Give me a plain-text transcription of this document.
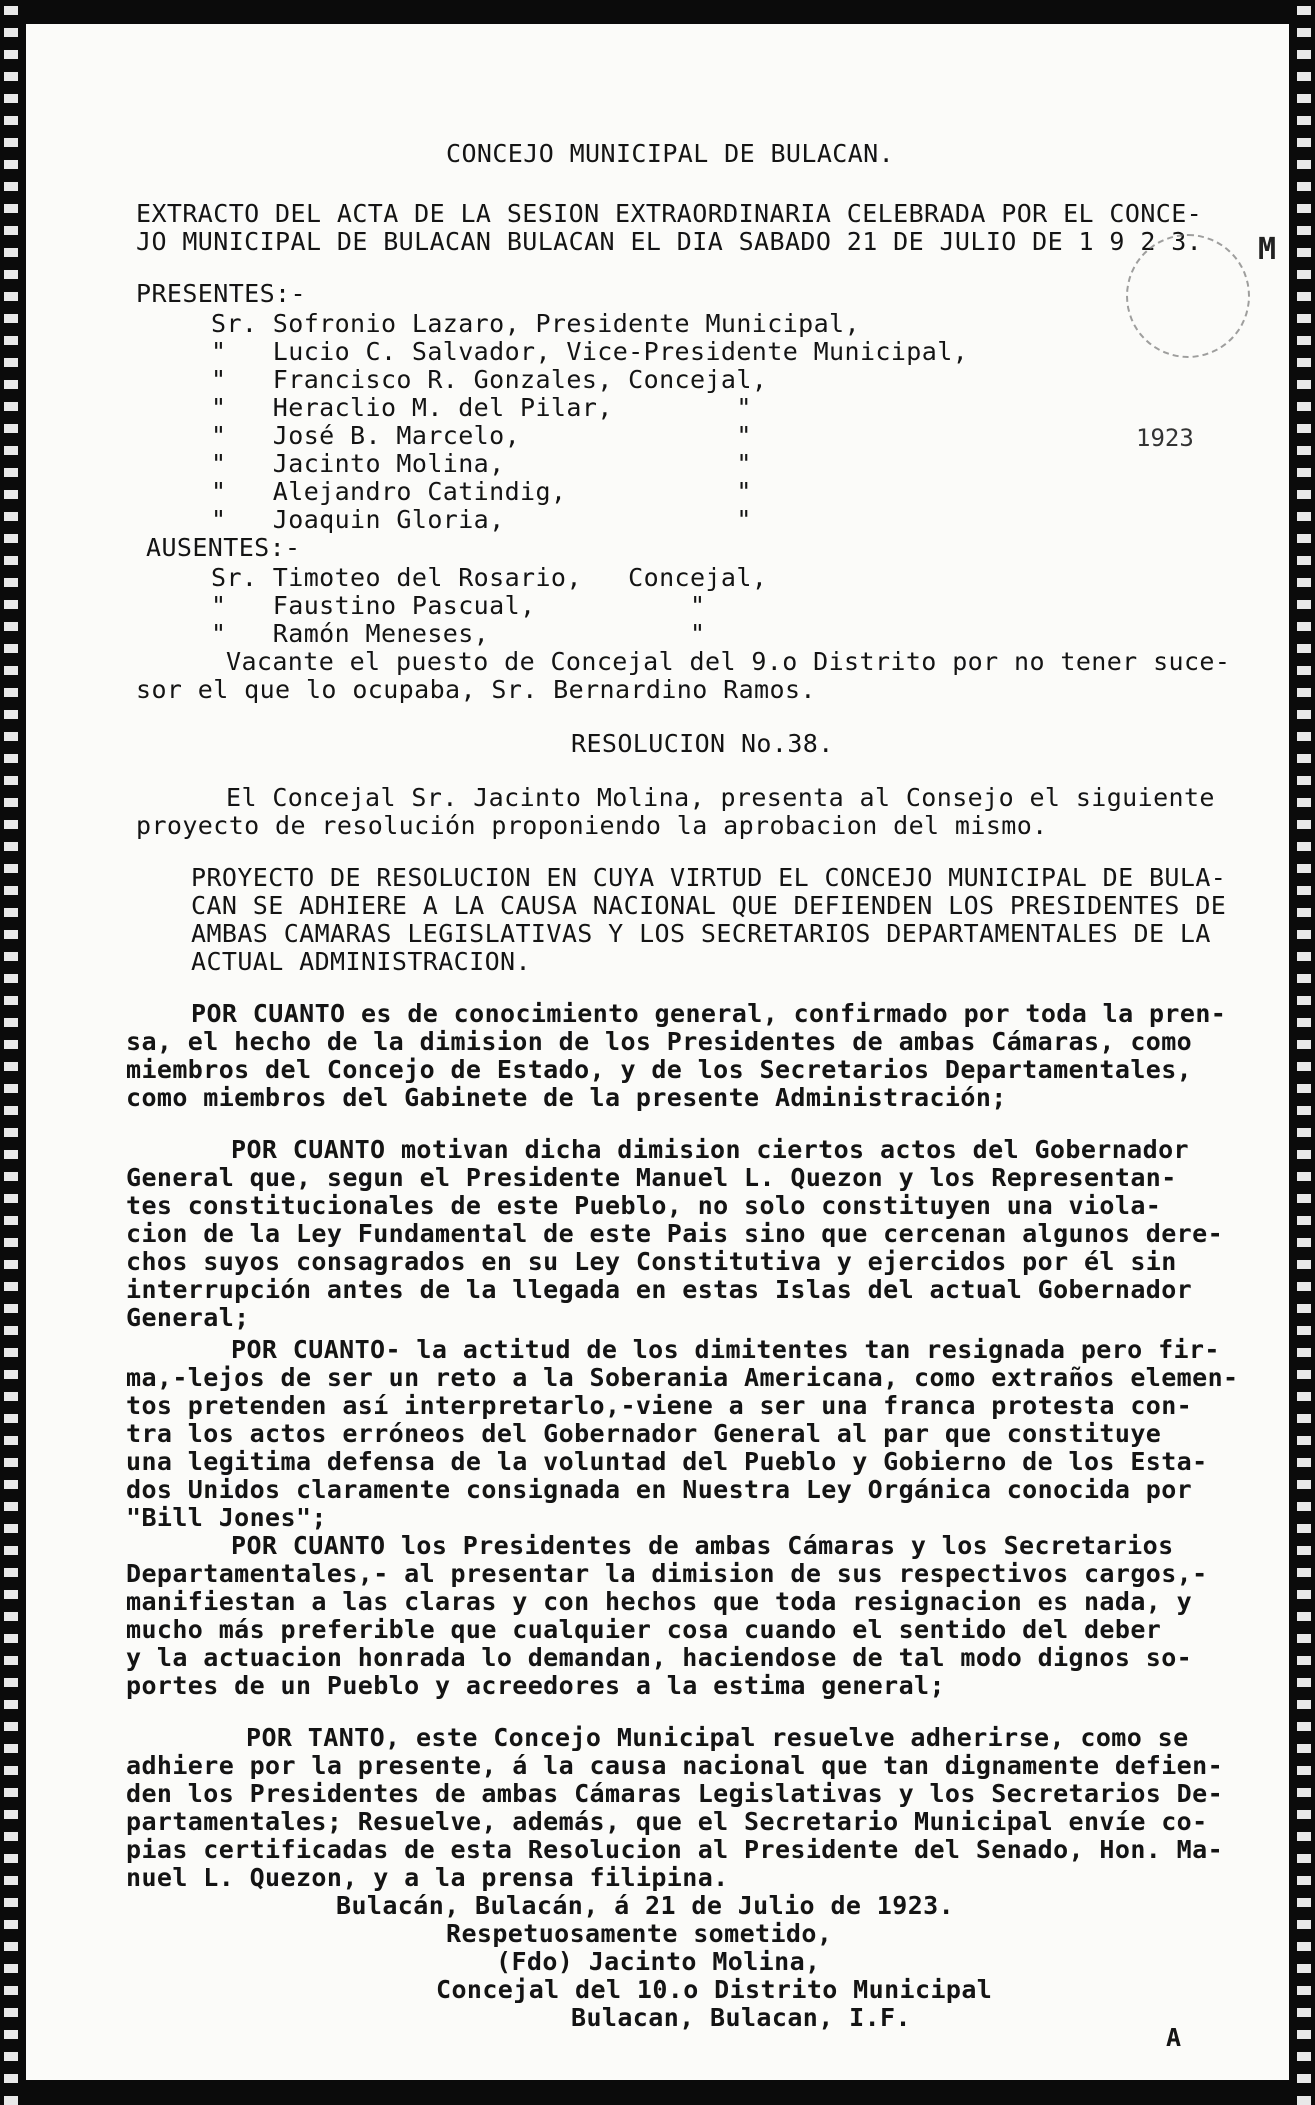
CONCEJO MUNICIPAL DE BULACAN.
EXTRACTO DEL ACTA DE LA SESION EXTRAORDINARIA CELEBRADA POR EL CONCE-
JO MUNICIPAL DE BULACAN BULACAN EL DIA SABADO 21 DE JULIO DE 1 9 2 3. M
1923
PRESENTES:-
Sr. Sofronio Lazaro, Presidente Municipal,
"   Lucio C. Salvador, Vice-Presidente Municipal,
"   Francisco R. Gonzales, Concejal,
"   Heraclio M. del Pilar,        "
"   José B. Marcelo,              "
"   Jacinto Molina,               "
"   Alejandro Catindig,           "
"   Joaquin Gloria,               "
AUSENTES:-
Sr. Timoteo del Rosario,   Concejal,
"   Faustino Pascual,          "
"   Ramón Meneses,             "
Vacante el puesto de Concejal del 9.o Distrito por no tener suce-
sor el que lo ocupaba, Sr. Bernardino Ramos.
RESOLUCION No.38.
El Concejal Sr. Jacinto Molina, presenta al Consejo el siguiente
proyecto de resolución proponiendo la aprobacion del mismo.
PROYECTO DE RESOLUCION EN CUYA VIRTUD EL CONCEJO MUNICIPAL DE BULA-
CAN SE ADHIERE A LA CAUSA NACIONAL QUE DEFIENDEN LOS PRESIDENTES DE
AMBAS CAMARAS LEGISLATIVAS Y LOS SECRETARIOS DEPARTAMENTALES DE LA
ACTUAL ADMINISTRACION.
POR CUANTO es de conocimiento general, confirmado por toda la pren-
sa, el hecho de la dimision de los Presidentes de ambas Cámaras, como
miembros del Concejo de Estado, y de los Secretarios Departamentales,
como miembros del Gabinete de la presente Administración;
POR CUANTO motivan dicha dimision ciertos actos del Gobernador
General que, segun el Presidente Manuel L. Quezon y los Representan-
tes constitucionales de este Pueblo, no solo constituyen una viola-
cion de la Ley Fundamental de este Pais sino que cercenan algunos dere-
chos suyos consagrados en su Ley Constitutiva y ejercidos por él sin
interrupción antes de la llegada en estas Islas del actual Gobernador
General;
POR CUANTO- la actitud de los dimitentes tan resignada pero fir-
ma,-lejos de ser un reto a la Soberania Americana, como extraños elemen-
tos pretenden así interpretarlo,-viene a ser una franca protesta con-
tra los actos erróneos del Gobernador General al par que constituye
una legitima defensa de la voluntad del Pueblo y Gobierno de los Esta-
dos Unidos claramente consignada en Nuestra Ley Orgánica conocida por
"Bill Jones";
POR CUANTO los Presidentes de ambas Cámaras y los Secretarios
Departamentales,- al presentar la dimision de sus respectivos cargos,-
manifiestan a las claras y con hechos que toda resignacion es nada, y
mucho más preferible que cualquier cosa cuando el sentido del deber
y la actuacion honrada lo demandan, haciendose de tal modo dignos so-
portes de un Pueblo y acreedores a la estima general;
POR TANTO, este Concejo Municipal resuelve adherirse, como se
adhiere por la presente, á la causa nacional que tan dignamente defien-
den los Presidentes de ambas Cámaras Legislativas y los Secretarios De-
partamentales; Resuelve, además, que el Secretario Municipal envíe co-
pias certificadas de esta Resolucion al Presidente del Senado, Hon. Ma-
nuel L. Quezon, y a la prensa filipina.
Bulacán, Bulacán, á 21 de Julio de 1923.
Respetuosamente sometido,
(Fdo) Jacinto Molina,
Concejal del 10.o Distrito Municipal
Bulacan, Bulacan, I.F.
A
